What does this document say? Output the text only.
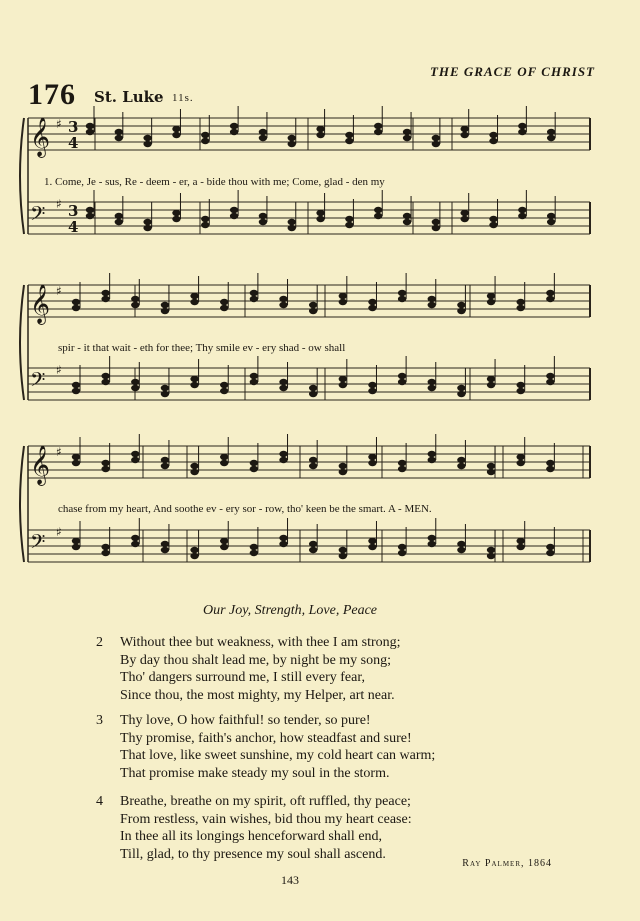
176 St. Luke 11s.
THE GRACE OF CHRIST
𝄞 ♯
𝄢 ♯
3
3
4
4
𝄞 ♯
𝄢 ♯
𝄞 ♯
𝄢 ♯
1. Come, Je - sus, Re - deem - er, a - bide thou with me; Come, glad - den my
spir - it that wait - eth for thee; Thy smile ev - ery shad - ow shall
chase from my heart, And soothe ev - ery sor - row, tho' keen be the smart. A - MEN.
Our Joy, Strength, Love, Peace
2	Without thee but weakness, with thee I am strong;
By day thou shalt lead me, by night be my song;
Tho' dangers surround me, I still every fear,
Since thou, the most mighty, my Helper, art near.
3	Thy love, O how faithful! so tender, so pure!
Thy promise, faith's anchor, how steadfast and sure!
That love, like sweet sunshine, my cold heart can warm;
That promise make steady my soul in the storm.
4	Breathe, breathe on my spirit, oft ruffled, thy peace;
From restless, vain wishes, bid thou my heart cease:
In thee all its longings henceforward shall end,
Till, glad, to thy presence my soul shall ascend.
Ray Palmer, 1864
143
